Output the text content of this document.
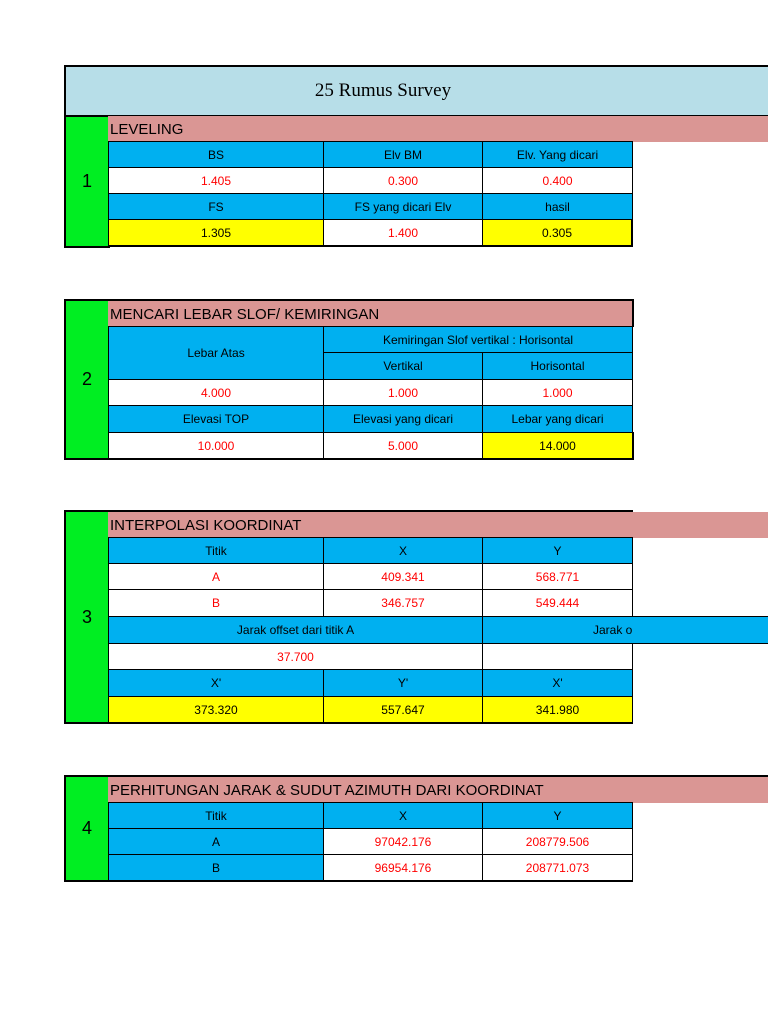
25 Rumus Survey
1
LEVELING
BS	Elv BM	Elv. Yang dicari
1.405	0.300	0.400
FS	FS yang dicari Elv	hasil
1.305	1.400	0.305
2
MENCARI LEBAR SLOF/ KEMIRINGAN
Lebar Atas
Kemiringan Slof vertikal : Horisontal
Vertikal	Horisontal
4.000	1.000	1.000
Elevasi TOP	Elevasi yang dicari	Lebar yang dicari
10.000	5.000	14.000
3
INTERPOLASI KOORDINAT
Titik	X	Y
A	409.341	568.771
B	346.757	549.444
Jarak offset dari titik A	Jarak o
37.700
X'	Y'	X'
373.320	557.647	341.980
4
PERHITUNGAN JARAK & SUDUT AZIMUTH DARI KOORDINAT
Titik	X	Y
A	97042.176	208779.506
B	96954.176	208771.073
